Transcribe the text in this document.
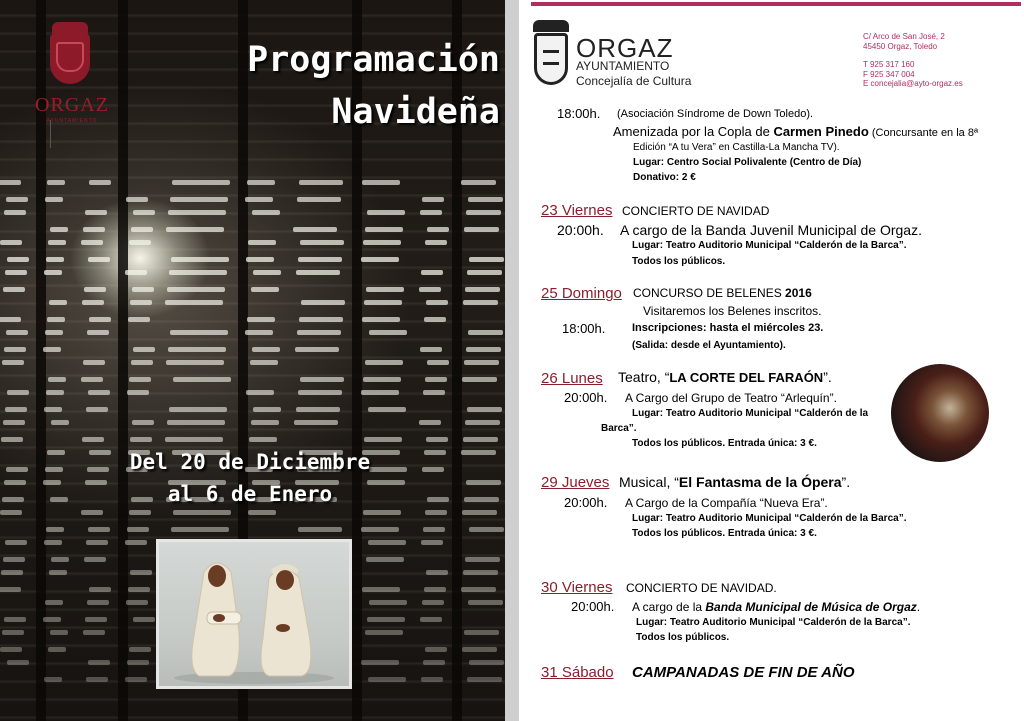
ORGAZ
AYUNTAMIENTO
Programación
Navideña
Del 20 de Diciembre
al 6 de Enero
ORGAZ
AYUNTAMIENTO
Concejalía de Cultura
C/ Arco de San José, 2
45450 Orgaz, Toledo
T 925 317 160
F 925 347 004
E concejalia@ayto-orgaz.es
18:00h. (Asociación Síndrome de Down Toledo).
Amenizada por la Copla de Carmen Pinedo (Concursante en la 8ª
Edición “A tu Vera” en Castilla-La Mancha TV).
Lugar: Centro Social Polivalente (Centro de Día)
Donativo: 2 €
23 Viernes CONCIERTO DE NAVIDAD
20:00h. A cargo de la Banda Juvenil Municipal de Orgaz.
Lugar: Teatro Auditorio Municipal “Calderón de la Barca”.
Todos los públicos.
25 Domingo CONCURSO DE BELENES 2016
Visitaremos los Belenes inscritos.
18:00h. Inscripciones: hasta el miércoles 23.
(Salida: desde el Ayuntamiento).
26 Lunes Teatro, “LA CORTE DEL FARAÓN”.
20:00h. A Cargo del Grupo de Teatro “Arlequín”.
Lugar: Teatro Auditorio Municipal “Calderón de la
Barca”.
Todos los públicos. Entrada única: 3 €.
29 Jueves Musical, “El Fantasma de la Ópera”.
20:00h. A Cargo de la Compañía “Nueva Era”.
Lugar: Teatro Auditorio Municipal “Calderón de la Barca”.
Todos los públicos. Entrada única: 3 €.
30 Viernes CONCIERTO DE NAVIDAD.
20:00h. A cargo de la Banda Municipal de Música de Orgaz.
Lugar: Teatro Auditorio Municipal “Calderón de la Barca”.
Todos los públicos.
31 Sábado CAMPANADAS DE FIN DE AÑO
